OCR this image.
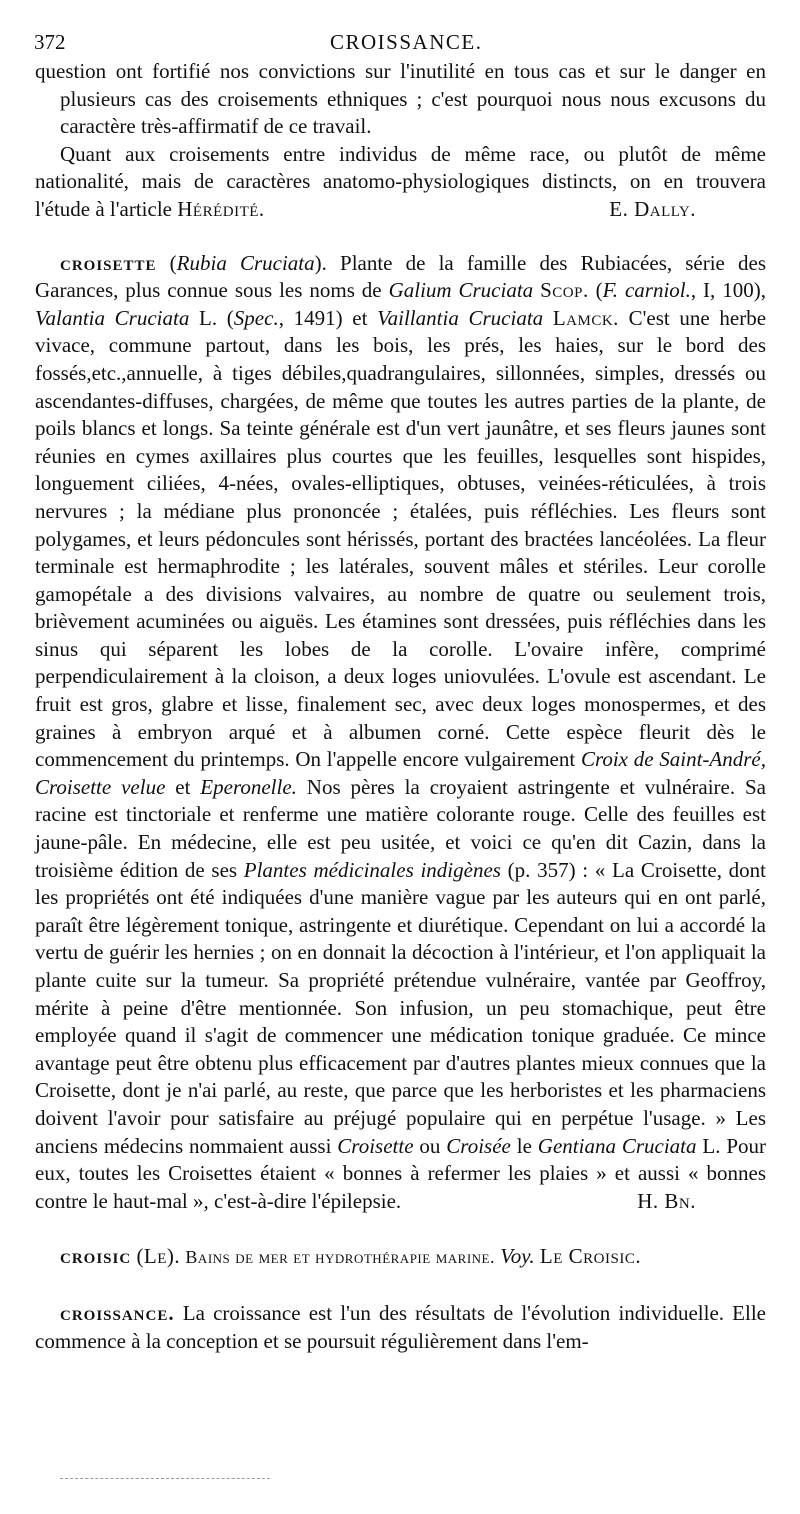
372	CROISSANCE.

question ont fortifié nos convictions sur l'inutilité en tous cas et sur le danger en plusieurs cas des croisements ethniques ; c'est pourquoi nous nous excusons du caractère très-affirmatif de ce travail.

Quant aux croisements entre individus de même race, ou plutôt de même nationalité, mais de caractères anatomo-physiologiques distincts, on en trouvera l'étude à l'article Hérédité.	E. Dally.

croisette (Rubia Cruciata). Plante de la famille des Rubiacées, série des Garances, plus connue sous les noms de Galium Cruciata Scop. (F. carniol., I, 100), Valantia Cruciata L. (Spec., 1491) et Vaillantia Cruciata Lamck. C'est une herbe vivace, commune partout, dans les bois, les prés, les haies, sur le bord des fossés,etc.,annuelle, à tiges débiles,quadrangulaires, sillonnées, simples, dressés ou ascendantes-diffuses, chargées, de même que toutes les autres parties de la plante, de poils blancs et longs. Sa teinte générale est d'un vert jaunâtre, et ses fleurs jaunes sont réunies en cymes axillaires plus courtes que les feuilles, lesquelles sont hispides, longuement ciliées, 4-nées, ovales-elliptiques, obtuses, veinées-réticulées, à trois nervures ; la médiane plus prononcée ; étalées, puis réfléchies. Les fleurs sont polygames, et leurs pédoncules sont hérissés, portant des bractées lancéolées. La fleur terminale est hermaphrodite ; les latérales, souvent mâles et stériles. Leur corolle gamopétale a des divisions valvaires, au nombre de quatre ou seulement trois, brièvement acuminées ou aiguës. Les étamines sont dressées, puis réfléchies dans les sinus qui séparent les lobes de la corolle. L'ovaire infère, comprimé perpendiculairement à la cloison, a deux loges uniovulées. L'ovule est ascendant. Le fruit est gros, glabre et lisse, finalement sec, avec deux loges monospermes, et des graines à embryon arqué et à albumen corné. Cette espèce fleurit dès le commencement du printemps. On l'appelle encore vulgairement Croix de Saint-André, Croisette velue et Eperonelle. Nos pères la croyaient astringente et vulnéraire. Sa racine est tinctoriale et renferme une matière colorante rouge. Celle des feuilles est jaune-pâle. En médecine, elle est peu usitée, et voici ce qu'en dit Cazin, dans la troisième édition de ses Plantes médicinales indigènes (p. 357) : « La Croisette, dont les propriétés ont été indiquées d'une manière vague par les auteurs qui en ont parlé, paraît être légèrement tonique, astringente et diurétique. Cependant on lui a accordé la vertu de guérir les hernies ; on en donnait la décoction à l'intérieur, et l'on appliquait la plante cuite sur la tumeur. Sa propriété prétendue vulnéraire, vantée par Geoffroy, mérite à peine d'être mentionnée. Son infusion, un peu stomachique, peut être employée quand il s'agit de commencer une médication tonique graduée. Ce mince avantage peut être obtenu plus efficacement par d'autres plantes mieux connues que la Croisette, dont je n'ai parlé, au reste, que parce que les herboristes et les pharmaciens doivent l'avoir pour satisfaire au préjugé populaire qui en perpétue l'usage. » Les anciens médecins nommaient aussi Croisette ou Croisée le Gentiana Cruciata L. Pour eux, toutes les Croisettes étaient « bonnes à refermer les plaies » et aussi « bonnes contre le haut-mal », c'est-à-dire l'épilepsie.	H. Bn.

croisic (Le). Bains de mer et hydrothérapie marine. Voy. Le Croisic.

croissance. La croissance est l'un des résultats de l'évolution individuelle. Elle commence à la conception et se poursuit régulièrement dans l'em-
